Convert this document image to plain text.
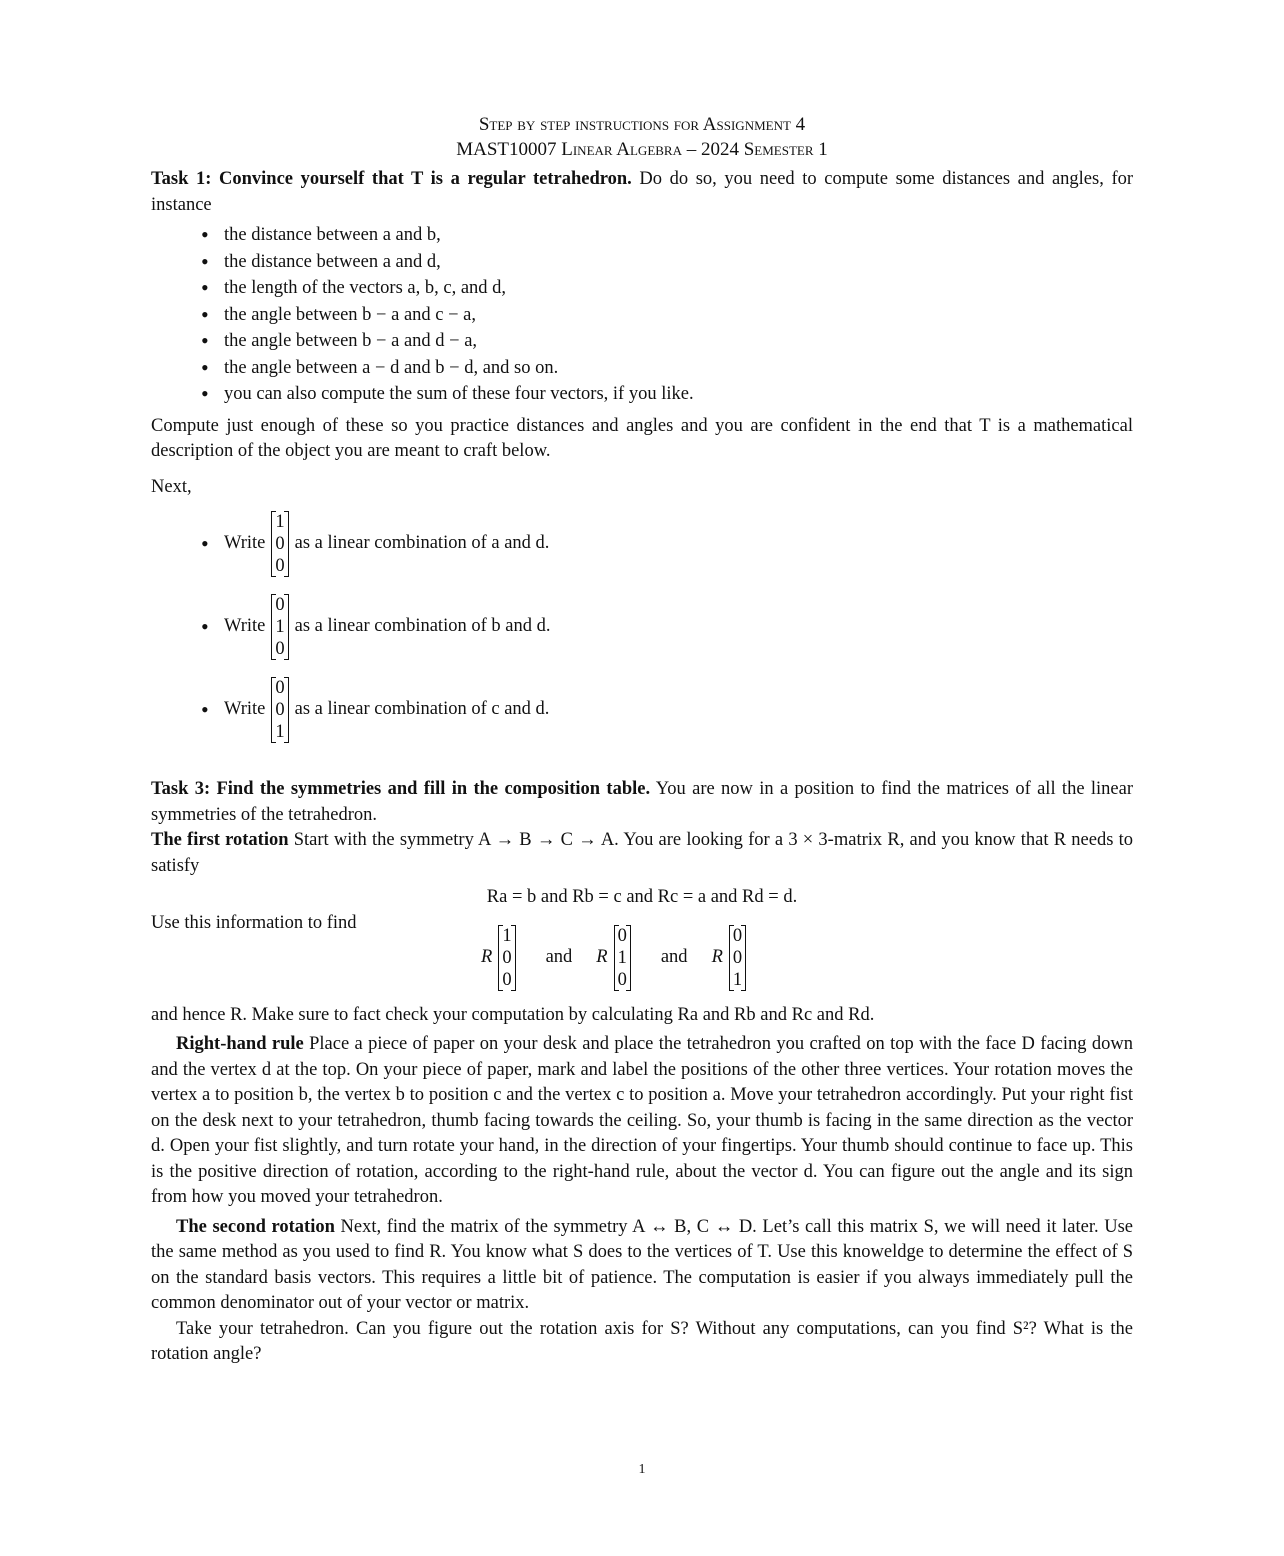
Step by step instructions for Assignment 4
MAST10007 Linear Algebra – 2024 Semester 1

Task 1: Convince yourself that T is a regular tetrahedron. Do do so, you need to compute some distances and angles, for instance

• the distance between a and b,
• the distance between a and d,
• the length of the vectors a, b, c, and d,
• the angle between b − a and c − a,
• the angle between b − a and d − a,
• the angle between a − d and b − d, and so on.
• you can also compute the sum of these four vectors, if you like.

Compute just enough of these so you practice distances and angles and you are confident in the end that T is a mathematical description of the object you are meant to craft below.

Next,

• Write
1
0
0
as a linear combination of a and d.
• Write
0
1
0
as a linear combination of b and d.
• Write
0
0
1
as a linear combination of c and d.

Task 3: Find the symmetries and fill in the composition table. You are now in a position to find the matrices of all the linear symmetries of the tetrahedron.

The first rotation Start with the symmetry A → B → C → A. You are looking for a 3 × 3-matrix R, and you know that R needs to satisfy

Ra = b and Rb = c and Rc = a and Rd = d.
Use this information to find
R
1
0
0
and R
0
1
0
and R
0
0
1

and hence R. Make sure to fact check your computation by calculating Ra and Rb and Rc and Rd.

Right-hand rule Place a piece of paper on your desk and place the tetrahedron you crafted on top with the face D facing down and the vertex d at the top. On your piece of paper, mark and label the positions of the other three vertices. Your rotation moves the vertex a to position b, the vertex b to position c and the vertex c to position a. Move your tetrahedron accordingly. Put your right fist on the desk next to your tetrahedron, thumb facing towards the ceiling. So, your thumb is facing in the same direction as the vector d. Open your fist slightly, and turn rotate your hand, in the direction of your fingertips. Your thumb should continue to face up. This is the positive direction of rotation, according to the right-hand rule, about the vector d. You can figure out the angle and its sign from how you moved your tetrahedron.

The second rotation Next, find the matrix of the symmetry A ↔ B, C ↔ D. Let’s call this matrix S, we will need it later. Use the same method as you used to find R. You know what S does to the vertices of T. Use this knoweldge to determine the effect of S on the standard basis vectors. This requires a little bit of patience. The computation is easier if you always immediately pull the common denominator out of your vector or matrix.

Take your tetrahedron. Can you figure out the rotation axis for S? Without any computations, can you find S²? What is the rotation angle?

1
